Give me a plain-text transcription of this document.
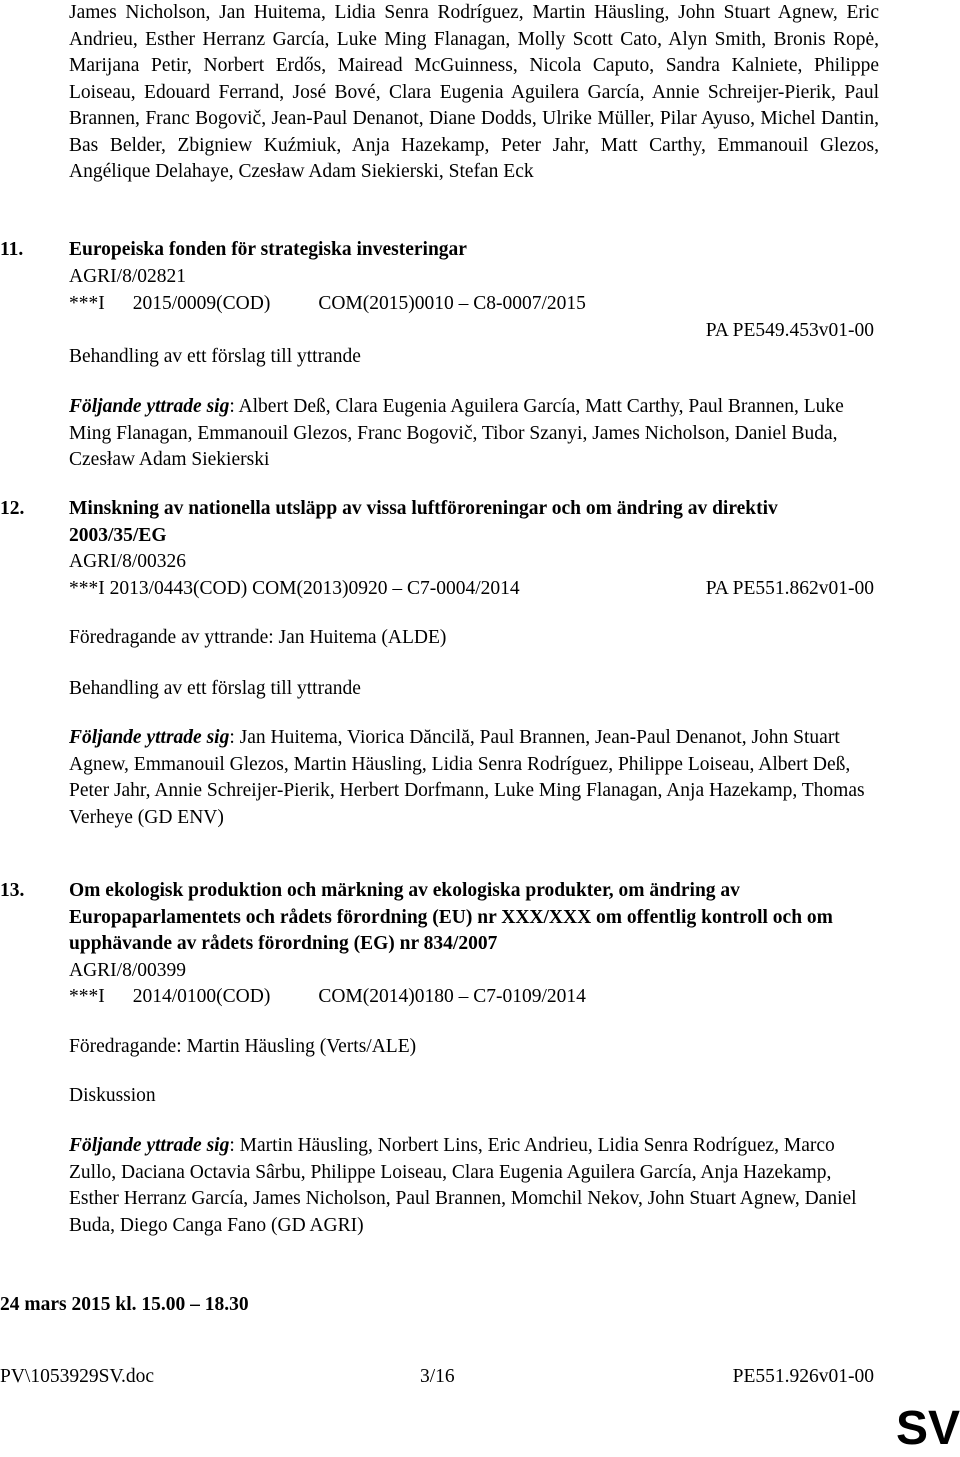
James Nicholson, Jan Huitema, Lidia Senra Rodríguez, Martin Häusling, John Stuart Agnew, Eric Andrieu, Esther Herranz García, Luke Ming Flanagan, Molly Scott Cato, Alyn Smith, Bronis Ropė, Marijana Petir, Norbert Erdős, Mairead McGuinness, Nicola Caputo, Sandra Kalniete, Philippe Loiseau, Edouard Ferrand, José Bové, Clara Eugenia Aguilera García, Annie Schreijer-Pierik, Paul Brannen, Franc Bogovič, Jean-Paul Denanot, Diane Dodds, Ulrike Müller, Pilar Ayuso, Michel Dantin, Bas Belder, Zbigniew Kuźmiuk, Anja Hazekamp, Peter Jahr, Matt Carthy, Emmanouil Glezos, Angélique Delahaye, Czesław Adam Siekierski, Stefan Eck
11. Europeiska fonden för strategiska investeringar
AGRI/8/02821
***I 2015/0009(COD) COM(2015)0010 – C8-0007/2015
PA PE549.453v01-00
Behandling av ett förslag till yttrande
Följande yttrade sig: Albert Deß, Clara Eugenia Aguilera García, Matt Carthy, Paul Brannen, Luke Ming Flanagan, Emmanouil Glezos, Franc Bogovič, Tibor Szanyi, James Nicholson, Daniel Buda, Czesław Adam Siekierski
12. Minskning av nationella utsläpp av vissa luftföroreningar och om ändring av direktiv 2003/35/EG
AGRI/8/00326
***I 2013/0443(COD) COM(2013)0920 – C7-0004/2014	PA PE551.862v01-00
Föredragande av yttrande: Jan Huitema (ALDE)
Behandling av ett förslag till yttrande
Följande yttrade sig: Jan Huitema, Viorica Dăncilă, Paul Brannen, Jean-Paul Denanot, John Stuart Agnew, Emmanouil Glezos, Martin Häusling, Lidia Senra Rodríguez, Philippe Loiseau, Albert Deß, Peter Jahr, Annie Schreijer-Pierik, Herbert Dorfmann, Luke Ming Flanagan, Anja Hazekamp, Thomas Verheye (GD ENV)
13. Om ekologisk produktion och märkning av ekologiska produkter, om ändring av Europaparlamentets och rådets förordning (EU) nr XXX/XXX om offentlig kontroll och om upphävande av rådets förordning (EG) nr 834/2007
AGRI/8/00399
***I 2014/0100(COD) COM(2014)0180 – C7-0109/2014
Föredragande: Martin Häusling (Verts/ALE)
Diskussion
Följande yttrade sig: Martin Häusling, Norbert Lins, Eric Andrieu, Lidia Senra Rodríguez, Marco Zullo, Daciana Octavia Sârbu, Philippe Loiseau, Clara Eugenia Aguilera García, Anja Hazekamp, Esther Herranz García, James Nicholson, Paul Brannen, Momchil Nekov, John Stuart Agnew, Daniel Buda, Diego Canga Fano (GD AGRI)
24 mars 2015 kl. 15.00 – 18.30
PV\1053929SV.doc	3/16	PE551.926v01-00
SV
